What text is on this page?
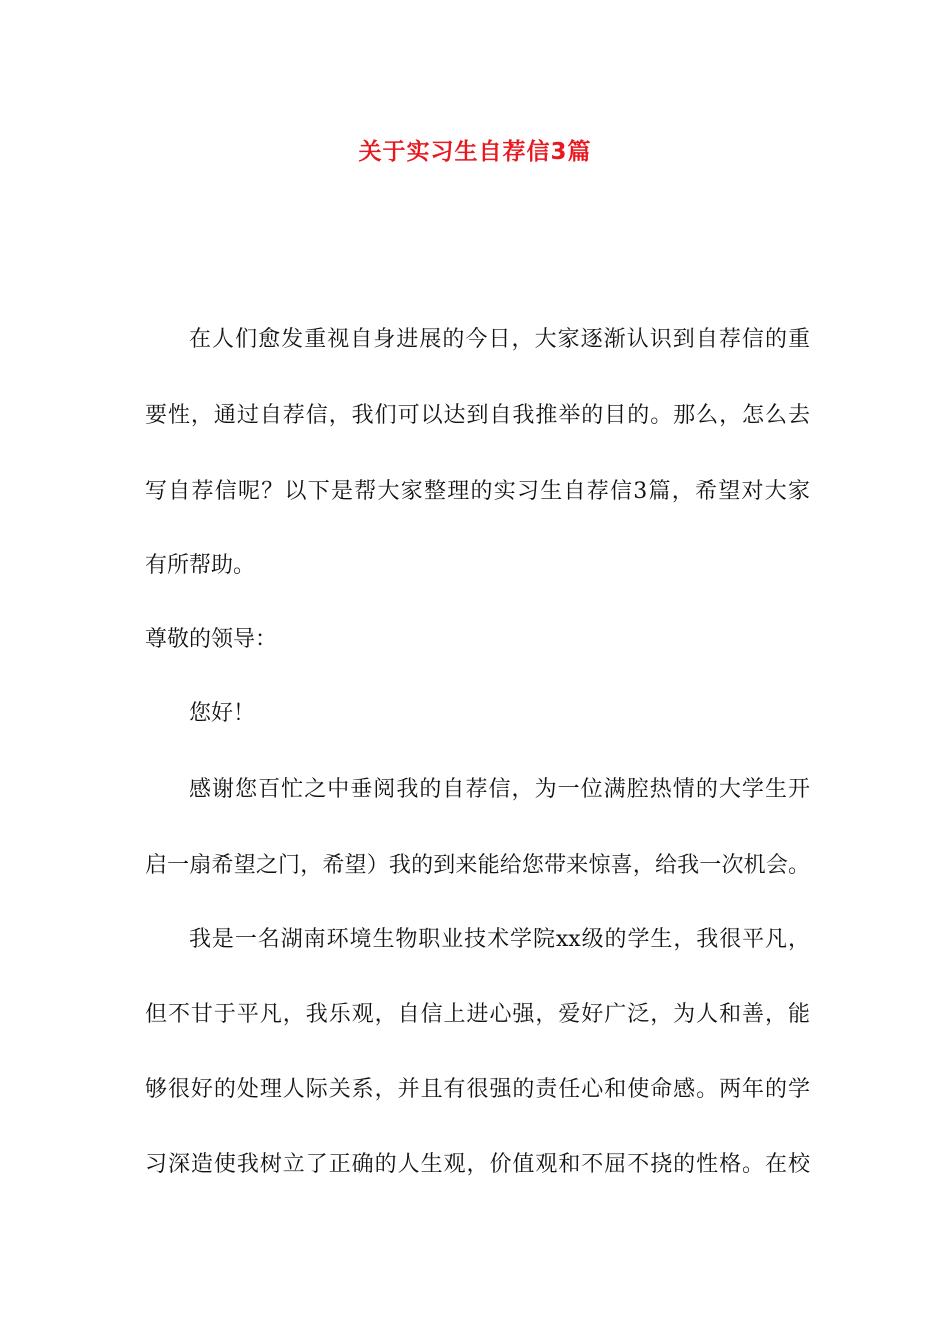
关于实习生自荐信3篇
在人们愈发重视自身进展的今日，大家逐渐认识到自荐信的重
要性，通过自荐信，我们可以达到自我推举的目的。那么，怎么去
写自荐信呢？以下是帮大家整理的实习生自荐信3篇，希望对大家
有所帮助。
尊敬的领导：
您好！
感谢您百忙之中垂阅我的自荐信，为一位满腔热情的大学生开
启一扇希望之门，希望）我的到来能给您带来惊喜，给我一次机会。
我是一名湖南环境生物职业技术学院xx级的学生，我很平凡，
但不甘于平凡，我乐观，自信上进心强，爱好广泛，为人和善，能
够很好的处理人际关系，并且有很强的责任心和使命感。两年的学
习深造使我树立了正确的人生观，价值观和不屈不挠的性格。在校
